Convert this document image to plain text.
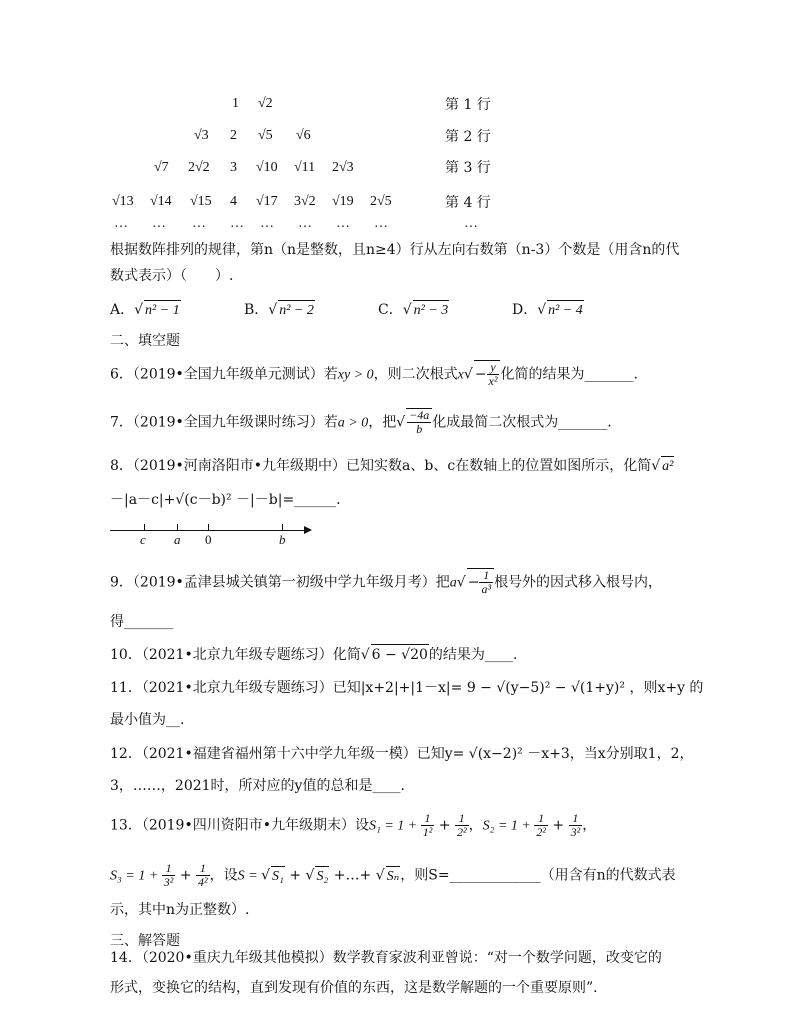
1 √2	第 1 行
√3 2 √5 √6	第 2 行
√7 2√2 3 √10 √11 2√3	第 3 行
√13 √14 √15 4 √17 3√2 √19 2√5	第 4 行
… … … … … … … …	…
根据数阵排列的规律，第n（n是整数，且n≥4）行从左向右数第（n-3）个数是（用含n的代
数式表示）（　　）.
A．√ n² − 1	B．√ n² − 2	C．√ n² − 3	D．√ n² − 4
二、填空题
6．（2019•全国九年级单元测试）若xy > 0，则二次根式$x√ - \frac{y}{\text{x²}}$ 化简的结果为_______.
7．（2019•全国九年级课时练习）若a > 0，把√ $\frac{-4a}{b}$ 化成最简二次根式为_______.
8．（2019•河南洛阳市•九年级期中）已知实数a、b、c在数轴上的位置如图所示，化简√ a²
－|a－c|+√(c－b)² －|－b|=______.
c a 0	b
9．（2019•孟津县城关镇第一初级中学九年级月考）把$a√ - \frac{1}{\text{a³}}$ 根号外的因式移入根号内，
得_______
10．（2021•北京九年级专题练习）化简√ 6 − √20的结果为____.
11．（2021•北京九年级专题练习）已知|x+2|+|1－x|= 9 − √(y−5)² − √(1+y)² ，则x+y 的
最小值为__.
12．（2021•福建省福州第十六中学九年级一模）已知y= √(x−2)² －x+3，当x分别取1，2，
3，……，2021时，所对应的y值的总和是____.
13．（2019•四川资阳市•九年级期末）设$S_1 = 1 + \frac{1}{\text{1²}} + \frac{1}{\text{2²}}$ ，$S_2 = 1 + \frac{1}{\text{2²}} + \frac{1}{\text{3²}}$ ，
$S_3 = 1 + \frac{1}{\text{3²}} + \frac{1}{\text{4²}}$ ，设S = √ S₁ + √ S₂ +…+ √ Sₙ，则S=_____________（用含有n的代数式表
示，其中n为正整数）.
三、解答题
14．（2020•重庆九年级其他模拟）数学教育家波利亚曾说：“对一个数学问题，改变它的
形式，变换它的结构，直到发现有价值的东西，这是数学解题的一个重要原则”.
